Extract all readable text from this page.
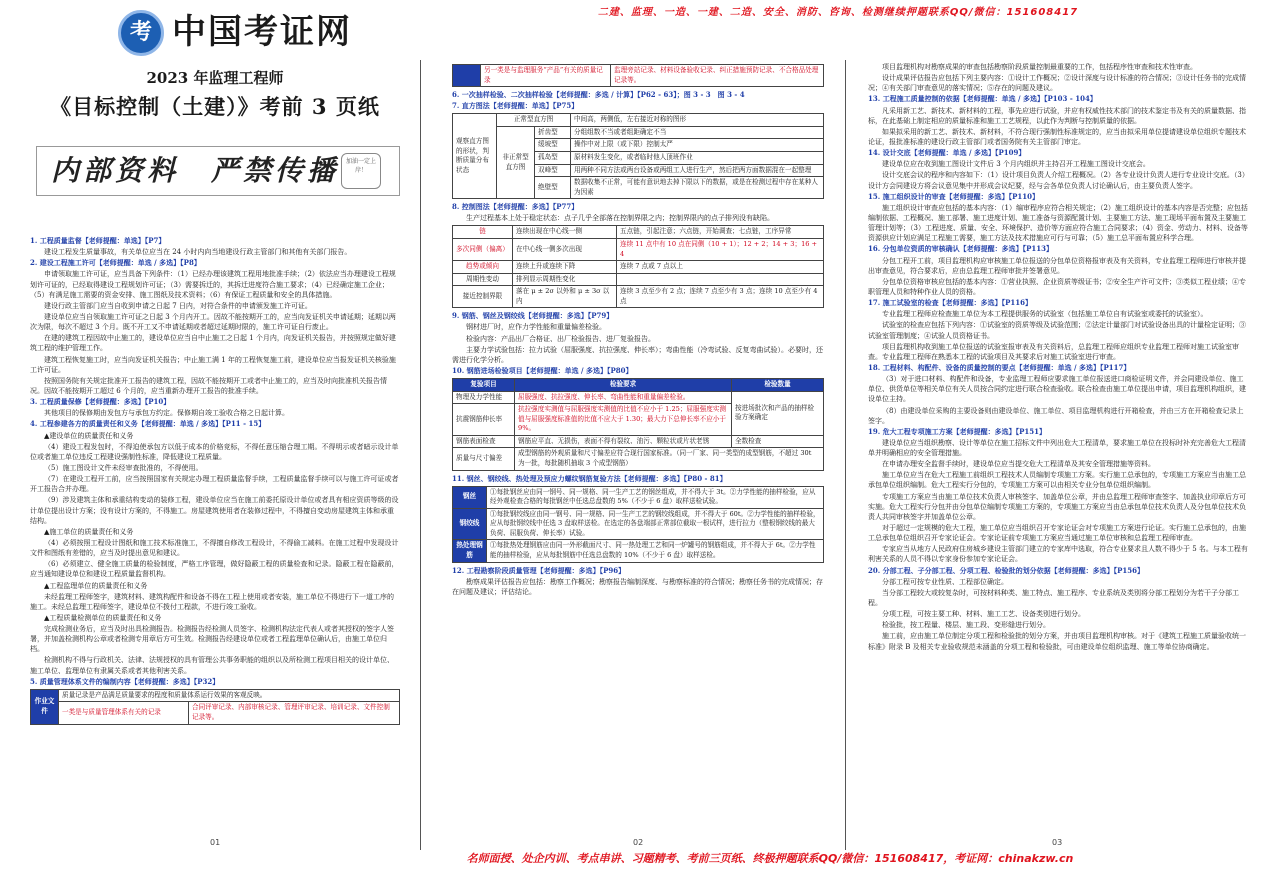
二建、监理、一造、一建、二造、安全、消防、咨询、检测继续押题联系QQ/微信：151608417
考 中国考证网
2023 年监理工程师
《目标控制（土建）》考前 3 页纸
内部资料　严禁传播	加油一定上岸！

1. 工程质量监督【老师提醒：单选】【P7】

建设工程发生质量事故，有关单位应当在 24 小时内向当地建设行政主管部门和其他有关部门报告。

2. 建设工程施工许可【老师提醒：单选 / 多选】【P8】

申请领取施工许可证，应当具备下列条件：（1）已经办理该建筑工程用地批准手续；（2）依法应当办理建设工程规划许可证的，已经取得建设工程规划许可证；（3）需要拆迁的，其拆迁进度符合施工要求；（4）已经确定施工企业；（5）有满足施工需要的资金安排、施工图纸及技术资料；（6）有保证工程质量和安全的具体措施。

建设行政主管部门应当自收到申请之日起 7 日内，对符合条件的申请颁发施工许可证。

建设单位应当自领取施工许可证之日起 3 个月内开工。因故不能按期开工的，应当向发证机关申请延期；延期以两次为限，每次不超过 3 个月。既不开工又不申请延期或者超过延期时限的，施工许可证自行废止。

在建的建筑工程因故中止施工的，建设单位应当自中止施工之日起 1 个月内，向发证机关报告，并按照规定做好建筑工程的维护管理工作。

建筑工程恢复施工时，应当向发证机关报告；中止施工满 1 年的工程恢复施工前，建设单位应当报发证机关核验施工许可证。

按照国务院有关规定批准开工报告的建筑工程，因故不能按期开工或者中止施工的，应当及时向批准机关报告情况。因故不能按期开工超过 6 个月的，应当重新办理开工报告的批准手续。

3. 工程质量保修【老师提醒：多选】【P10】

其他项目的保修期由发包方与承包方约定。保修期自竣工验收合格之日起计算。

4. 工程参建各方的质量责任和义务【老师提醒：单选 / 多选】【P11 - 15】

▲建设单位的质量责任和义务

（4）建设工程发包时，不得迫使承包方以低于成本的价格竞标，不得任意压缩合理工期。不得明示或者暗示设计单位或者施工单位违反工程建设强制性标准，降低建设工程质量。

（5）施工图设计文件未经审查批准的，不得使用。

（7）在建设工程开工前，应当按照国家有关规定办理工程质量监督手续，工程质量监督手续可以与施工许可证或者开工报告合并办理。

（9）涉及建筑主体和承重结构变动的装修工程，建设单位应当在施工前委托原设计单位或者具有相应资质等级的设计单位提出设计方案；没有设计方案的，不得施工。房屋建筑使用者在装修过程中，不得擅自变动房屋建筑主体和承重结构。

▲施工单位的质量责任和义务

（4）必须按照工程设计图纸和施工技术标准施工，不得擅自修改工程设计，不得偷工减料。在施工过程中发现设计文件和图纸有差错的，应当及时提出意见和建议。

（6）必须建立、健全施工质量的检验制度，严格工序管理，做好隐蔽工程的质量检查和记录。隐蔽工程在隐蔽前，应当通知建设单位和建设工程质量监督机构。

▲工程监理单位的质量责任和义务

未经监理工程师签字，建筑材料、建筑构配件和设备不得在工程上使用或者安装，施工单位不得进行下一道工序的施工。未经总监理工程师签字，建设单位不拨付工程款，不进行竣工验收。

▲工程质量检测单位的质量责任和义务

完成检测业务后，应当及时出具检测报告。检测报告经检测人员签字、检测机构法定代表人或者其授权的签字人签署，并加盖检测机构公章或者检测专用章后方可生效。检测报告经建设单位或者工程监理单位确认后，由施工单位归档。

检测机构不得与行政机关、法律、法规授权的具有管理公共事务职能的组织以及所检测工程项目相关的设计单位、施工单位、监理单位有隶属关系或者其他利害关系。

5. 质量管理体系文件的编制内容【老师提醒：多选】【P32】

作业文件	质量记录是产品满足质量要求的程度和质量体系运行效果的客观反映。	
	一类是与质量管理体系有关的记录	合同评审记录、内部审核记录、管理评审记录、培训记录、文件控制记录等。
	另一类是与监理服务“产品”有关的质量记录	监理旁站记录、材料设备验收记录、纠正措施预防记录、不合格品处理记录等。

6. 一次抽样检验、二次抽样检验【老师提醒：多选 / 计算】【P62 - 63】；图 3 - 3　图 3 - 4

7. 直方图法【老师提醒：单选】【P75】

观察直方图的形状，判断质量分布状态	正常型直方图		中间高，两侧低，左右接近对称的图形
	非正常型直方图	折齿型	分组组数不当或者组距确定不当
		缓坡型	操作中对上限（或下限）控制太严
		孤岛型	原材料发生变化，或者临时他人顶班作业
		双峰型	用两种不同方法或两台设备或两组工人进行生产，然后把两方面数据混在一起整理
		绝壁型	数据收集不正常，可能有意识地去掉下限以下的数据，或是在检测过程中存在某种人为因素

8. 控制图法【老师提醒：多选】【P77】

生产过程基本上处于稳定状态：点子几乎全部落在控制界限之内；控制界限内的点子排列没有缺陷。

链	连续出现在中心线一侧	五点链，引起注意；六点链，开始调查；七点链，工序异常
多次同侧（偏离）	在中心线一侧多次出现	连续 11 点中有 10 点在同侧（10 + 1）；12 + 2；14 + 3；16 + 4
趋势或倾向	连续上升或连续下降	连续 7 点或 7 点以上
周期性变动	排列显示周期性变化	
接近控制界限	落在 μ ± 2σ 以外和 μ ± 3σ 以内	连续 3 点至少有 2 点；连续 7 点至少有 3 点；连续 10 点至少有 4 点

9. 钢筋、钢丝及钢绞线【老师提醒：多选】【P79】

钢材进厂时，应作力学性能和重量偏差检验。

检验内容：产品出厂合格证、出厂检验报告、进厂复验报告。

主要力学试验包括：拉力试验（屈服强度、抗拉强度、伸长率）；弯曲性能（冷弯试验、反复弯曲试验）。必要时，还需进行化学分析。

10. 钢筋进场检验项目【老师提醒：单选 / 多选】【P80】

复验项目	检验要求	检验数量
物理及力学性能	屈服强度、抗拉强度、伸长率、弯曲性能和重量偏差检验。	按进场批次和产品的抽样检验方案确定
抗震钢筋伸长率	抗拉强度实测值与屈服强度实测值的比值不应小于 1.25；屈服强度实测值与屈服强度标准值的比值不应大于 1.30；最大力下总伸长率不应小于 9%。	
钢筋表面检查	钢筋应平直、无损伤，表面不得有裂纹、油污、颗粒状或片状老锈	全数检查
质量与尺寸偏差	成型钢筋的外观质量和尺寸偏差应符合现行国家标准。（同一厂家、同一类型的成型钢筋，不超过 30t 为一批，每批随机抽取 3 个成型钢筋）	

11. 钢丝、钢绞线、热处理及预应力螺纹钢筋复验方法【老师提醒：多选】【P80 - 81】

钢丝	①每批钢丝应由同一钢号、同一规格、同一生产工艺的钢丝组成，并不得大于 3t。②力学性能的抽样检验，应从经外观检查合格的每批钢丝中任选总盘数的 5%（不少于 6 盘）取样送检试验。
钢绞线	①每批钢绞线应由同一钢号、同一规格、同一生产工艺的钢绞线组成，并不得大于 60t。②力学性能的抽样检验，应从每批钢绞线中任选 3 盘取样送检。在选定的各盘端部正常部位截取一根试样，进行拉力（整根钢绞线的最大负荷、屈服负荷、伸长率）试验。
热处理钢筋	①每批热处理钢筋应由同一外形截面尺寸、同一热处理工艺和同一炉罐号的钢筋组成，并不得大于 6t。②力学性能的抽样检验，应从每批钢筋中任选总盘数的 10%（不少于 6 盘）取样送检。

12. 工程勘察阶段质量管理【老师提醒：多选】【P96】

勘察成果评估报告应包括：勘察工作概况；勘察报告编制深度、与勘察标准的符合情况；勘察任务书的完成情况；存在问题及建议；评估结论。

项目监理机构对勘察成果的审查包括勘察阶段质量控制最重要的工作，包括程序性审查和技术性审查。

设计成果评估报告应包括下列主要内容：①设计工作概况；②设计深度与设计标准的符合情况；③设计任务书的完成情况；④有关部门审查意见的落实情况；⑤存在的问题及建议。

13. 工程施工质量控制的依据【老师提醒：单选 / 多选】【P103 - 104】

凡采用新工艺、新技术、新材料的工程，事先应进行试验，并应有权威性技术部门的技术鉴定书及有关的质量数据、指标，在此基础上制定相应的质量标准和施工工艺规程，以此作为判断与控制质量的依据。

如果拟采用的新工艺、新技术、新材料，不符合现行强制性标准规定的，应当由拟采用单位提请建设单位组织专题技术论证，报批准标准的建设行政主管部门或者国务院有关主管部门审定。

14. 设计交底【老师提醒：单选 / 多选】【P109】

建设单位应在收到施工图设计文件后 3 个月内组织并主持召开工程施工图设计交底会。

设计交底会议的程序和内容如下：（1）设计项目负责人介绍工程概况。（2）各专业设计负责人进行专业设计交底。（3）设计方会同建设方将会议意见集中并形成会议纪要，经与会各单位负责人讨论确认后，由主要负责人签字。

15. 施工组织设计的审查【老师提醒：多选】【P110】

施工组织设计审查应包括的基本内容：（1）编审程序应符合相关规定；（2）施工组织设计的基本内容是否完整；应包括编制依据、工程概况、施工部署、施工进度计划、施工准备与资源配置计划、主要施工方法、施工现场平面布置及主要施工管理计划等；（3）工程进度、质量、安全、环境保护、造价等方面应符合施工合同要求；（4）资金、劳动力、材料、设备等资源供应计划应满足工程施工需要，施工方法及技术措施应可行与可靠；（5）施工总平面布置应科学合理。

16. 分包单位资质的审核确认【老师提醒：多选】【P113】

分包工程开工前，项目监理机构应审核施工单位报送的分包单位资格报审表及有关资料，专业监理工程师进行审核并提出审查意见，符合要求后，应由总监理工程师审批并签署意见。

分包单位资格审核应包括的基本内容：①营业执照、企业资质等级证书；②安全生产许可文件；③类似工程业绩；④专职管理人员和特种作业人员的资格。

17. 施工试验室的检查【老师提醒：多选】【P116】

专业监理工程师应检查施工单位为本工程提供服务的试验室（包括施工单位自有试验室或委托的试验室）。

试验室的检查应包括下列内容：①试验室的资质等级及试验范围；②法定计量部门对试验设备出具的计量检定证明；③试验室管理制度；④试验人员资格证书。

项目监理机构收到施工单位报送的试验室报审表及有关资料后，总监理工程师应组织专业监理工程师对施工试验室审查。专业监理工程师在熟悉本工程的试验项目及其要求后对施工试验室进行审查。

18. 工程材料、构配件、设备的质量控制的要点【老师提醒：单选 / 多选】【P117】

（3）对于进口材料、构配件和设备，专业监理工程师应要求施工单位报送进口商检证明文件，并会同建设单位、施工单位、供货单位等相关单位有关人员按合同约定进行联合检查验收。联合检查由施工单位提出申请，项目监理机构组织，建设单位主持。

（8）由建设单位采购的主要设备则由建设单位、施工单位、项目监理机构进行开箱检查，并由三方在开箱检查记录上签字。

19. 危大工程专项施工方案【老师提醒：多选】【P151】

建设单位应当组织勘察、设计等单位在施工招标文件中列出危大工程清单，要求施工单位在投标时补充完善危大工程清单并明确相应的安全管理措施。

在申请办理安全监督手续时，建设单位应当提交危大工程清单及其安全管理措施等资料。

施工单位应当在危大工程施工前组织工程技术人员编制专项施工方案。实行施工总承包的，专项施工方案应当由施工总承包单位组织编制。危大工程实行分包的，专项施工方案可以由相关专业分包单位组织编制。

专项施工方案应当由施工单位技术负责人审核签字、加盖单位公章，并由总监理工程师审查签字、加盖执业印章后方可实施。危大工程实行分包并由分包单位编制专项施工方案的，专项施工方案应当由总承包单位技术负责人及分包单位技术负责人共同审核签字并加盖单位公章。

对于超过一定规模的危大工程，施工单位应当组织召开专家论证会对专项施工方案进行论证。实行施工总承包的，由施工总承包单位组织召开专家论证会。专家论证前专项施工方案应当通过施工单位审核和总监理工程师审查。

专家应当从地方人民政府住房城乡建设主管部门建立的专家库中选取，符合专业要求且人数不得少于 5 名。与本工程有利害关系的人员不得以专家身份参加专家论证会。

20. 分部工程、子分部工程、分项工程、检验批的划分依据【老师提醒：多选】【P156】

分部工程可按专业性质、工程部位确定。

当分部工程较大或较复杂时，可按材料种类、施工特点、施工程序、专业系统及类别将分部工程划分为若干子分部工程。

分项工程，可按主要工种、材料、施工工艺、设备类别进行划分。

检验批，按工程量、楼层、施工段、变形缝进行划分。

施工前，应由施工单位制定分项工程和检验批的划分方案，并由项目监理机构审核。对于《建筑工程施工质量验收统一标准》附录 B 及相关专业验收规范未涵盖的分项工程和检验批，可由建设单位组织监理、施工等单位协商确定。

01	02	03
名师面授、处企内训、考点串讲、习题精考、考前三页纸、终极押题联系QQ/微信：151608417，考证网：chinakzw.cn
